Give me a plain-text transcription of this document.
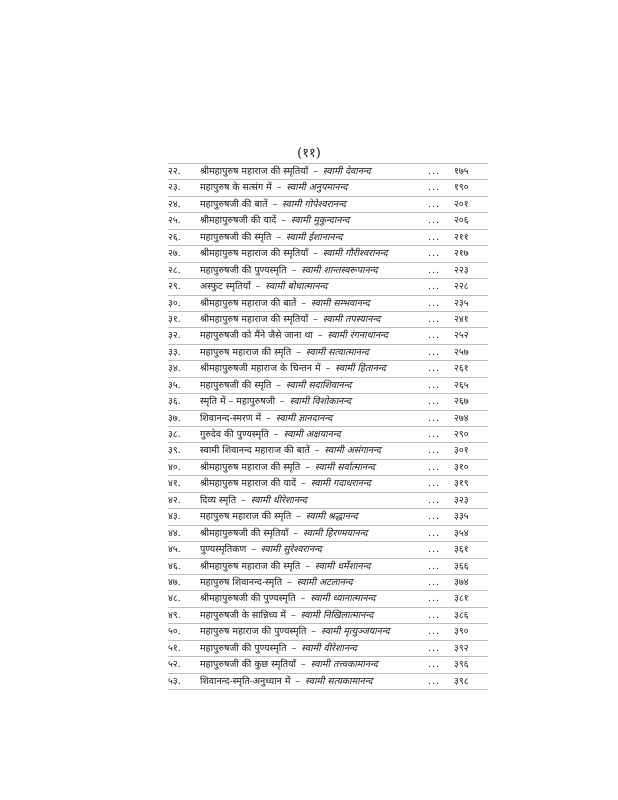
(११)
२२.	श्रीमहापुरुष महाराज की स्मृतियाँ – स्वामी देवानन्द	...	१७५
२३.	महापुरुष के सत्संग में – स्वामी अनुपमानन्द	...	१९०
२४.	महापुरुषजी की बातें – स्वामी गोपेश्वरानन्द	...	२०१
२५.	श्रीमहापुरुषजी की यादें – स्वामी मुकुन्दानन्द	...	२०६
२६.	महापुरुषजी की स्मृति – स्वामी ईशानानन्द	...	२११
२७.	श्रीमहापुरुष महाराज की स्मृतियाँ – स्वामी गौरीश्वरानन्द	...	२१७
२८.	महापुरुषजी की पुण्यस्मृति – स्वामी शान्तस्वरूपानन्द	...	२२३
२९.	अस्फुट स्मृतियाँ – स्वामी बोधात्मानन्द	...	२२८
३०.	श्रीमहापुरुष महाराज की बातें – स्वामी सम्भवानन्द	...	२३५
३१.	श्रीमहापुरुष महाराज की स्मृतियाँ – स्वामी तपस्यानन्द	...	२४१
३२.	महापुरुषजी को मैंने जैसे जाना था – स्वामी रंगनाथानन्द	...	२५२
३३.	महापुरुष महाराज की स्मृति – स्वामी सत्यात्मानन्द	...	२५७
३४.	श्रीमहापुरुषजी महाराज के चिन्तन में – स्वामी हितानन्द	...	२६१
३५.	महापुरुषजी की स्मृति – स्वामी सदाशिवानन्द	...	२६५
३६.	स्मृति में – महापुरुषजी – स्वामी विशोकानन्द	...	२६७
३७.	शिवानन्द-स्मरण में – स्वामी ज्ञानदानन्द	...	२७४
३८.	गुरुदेव की पुण्यस्मृति – स्वामी अक्षयानन्द	...	२९०
३९.	स्वामी शिवानन्द महाराज की बातें – स्वामी असंगानन्द	...	३०१
४०.	श्रीमहापुरुष महाराज की स्मृति – स्वामी सर्वात्मानन्द	...	३१०
४१.	श्रीमहापुरुष महाराज की यादें – स्वामी गदाधरानन्द	...	३१९
४२.	दिव्य स्मृति – स्वामी धीरेशानन्द	...	३२३
४३.	महापुरुष महाराज की स्मृति – स्वामी श्रद्धानन्द	...	३३५
४४.	श्रीमहापुरुषजी की स्मृतियाँ – स्वामी हिरण्मयानन्द	...	३५४
४५.	पुण्यस्मृतिकण – स्वामी सुरेश्वरानन्द	...	३६१
४६.	श्रीमहापुरुष महाराज की स्मृति – स्वामी धर्मेशानन्द	...	३६६
४७.	महापुरुष शिवानन्द-स्मृति – स्वामी अटलानन्द	...	३७४
४८.	श्रीमहापुरुषजी की पुण्यस्मृति – स्वामी ध्यानात्मानन्द	...	३८१
४९.	महापुरुषजी के सान्निध्य में – स्वामी निखिलात्मानन्द	...	३८६
५०.	महापुरुष महाराज की पुण्यस्मृति – स्वामी मृत्युञ्जयानन्द	...	३९०
५१.	महापुरुषजी की पुण्यस्मृति – स्वामी वीरेशानन्द	...	३९२
५२.	महापुरुषजी की कुछ स्मृतियाँ – स्वामी तत्त्वकामानन्द	...	३९६
५३.	शिवानन्द-स्मृति-अनुध्यान में – स्वामी सत्यकामानन्द	...	३९८
